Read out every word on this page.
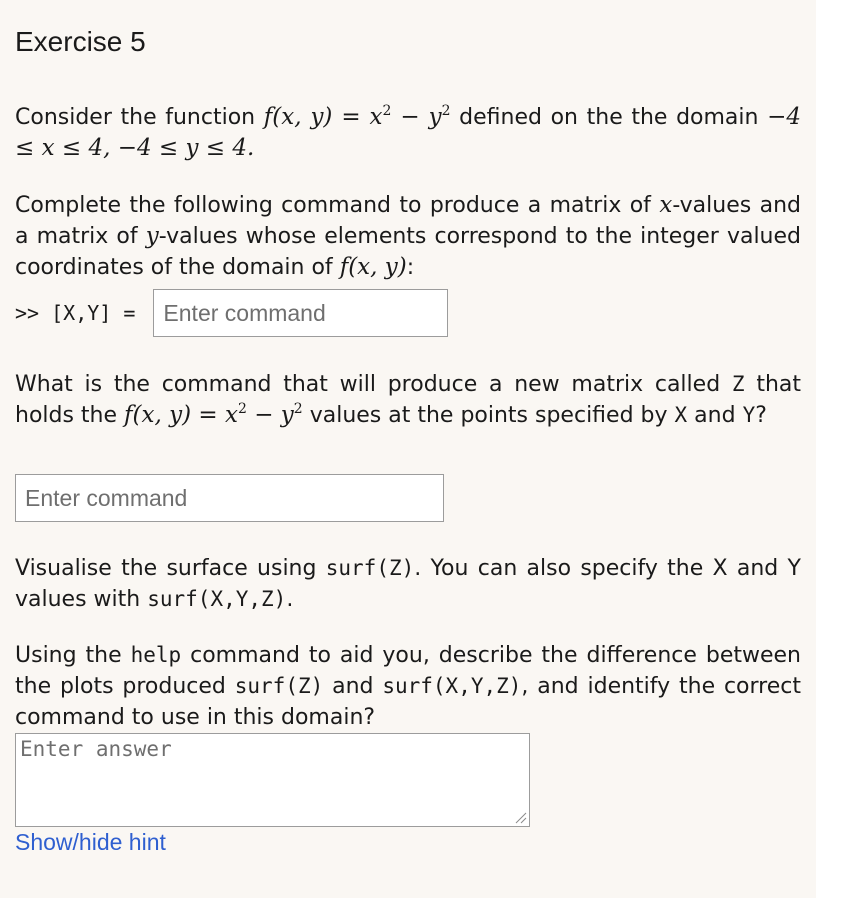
Exercise 5

Consider the function f(x, $y) = x^2 - y^2$ defined on the the domain −4 ≤ x ≤ 4, −4 ≤ y ≤ 4.

Complete the following command to produce a matrix of x-values and a matrix of y-values whose elements correspond to the integer valued coordinates of the domain of f(x, y):

>> [X,Y] =
Enter command

What is the command that will produce a new matrix called Z that holds the f(x, $y) = x^2 - y^2$ values at the points specified by X and Y?

Enter command

Visualise the surface using surf(Z). You can also specify the X and Y values with surf(X,Y,Z).

Using the help command to aid you, describe the difference between the plots produced surf(Z) and surf(X,Y,Z), and identify the correct command to use in this domain?

Enter answer
Show/hide hint
